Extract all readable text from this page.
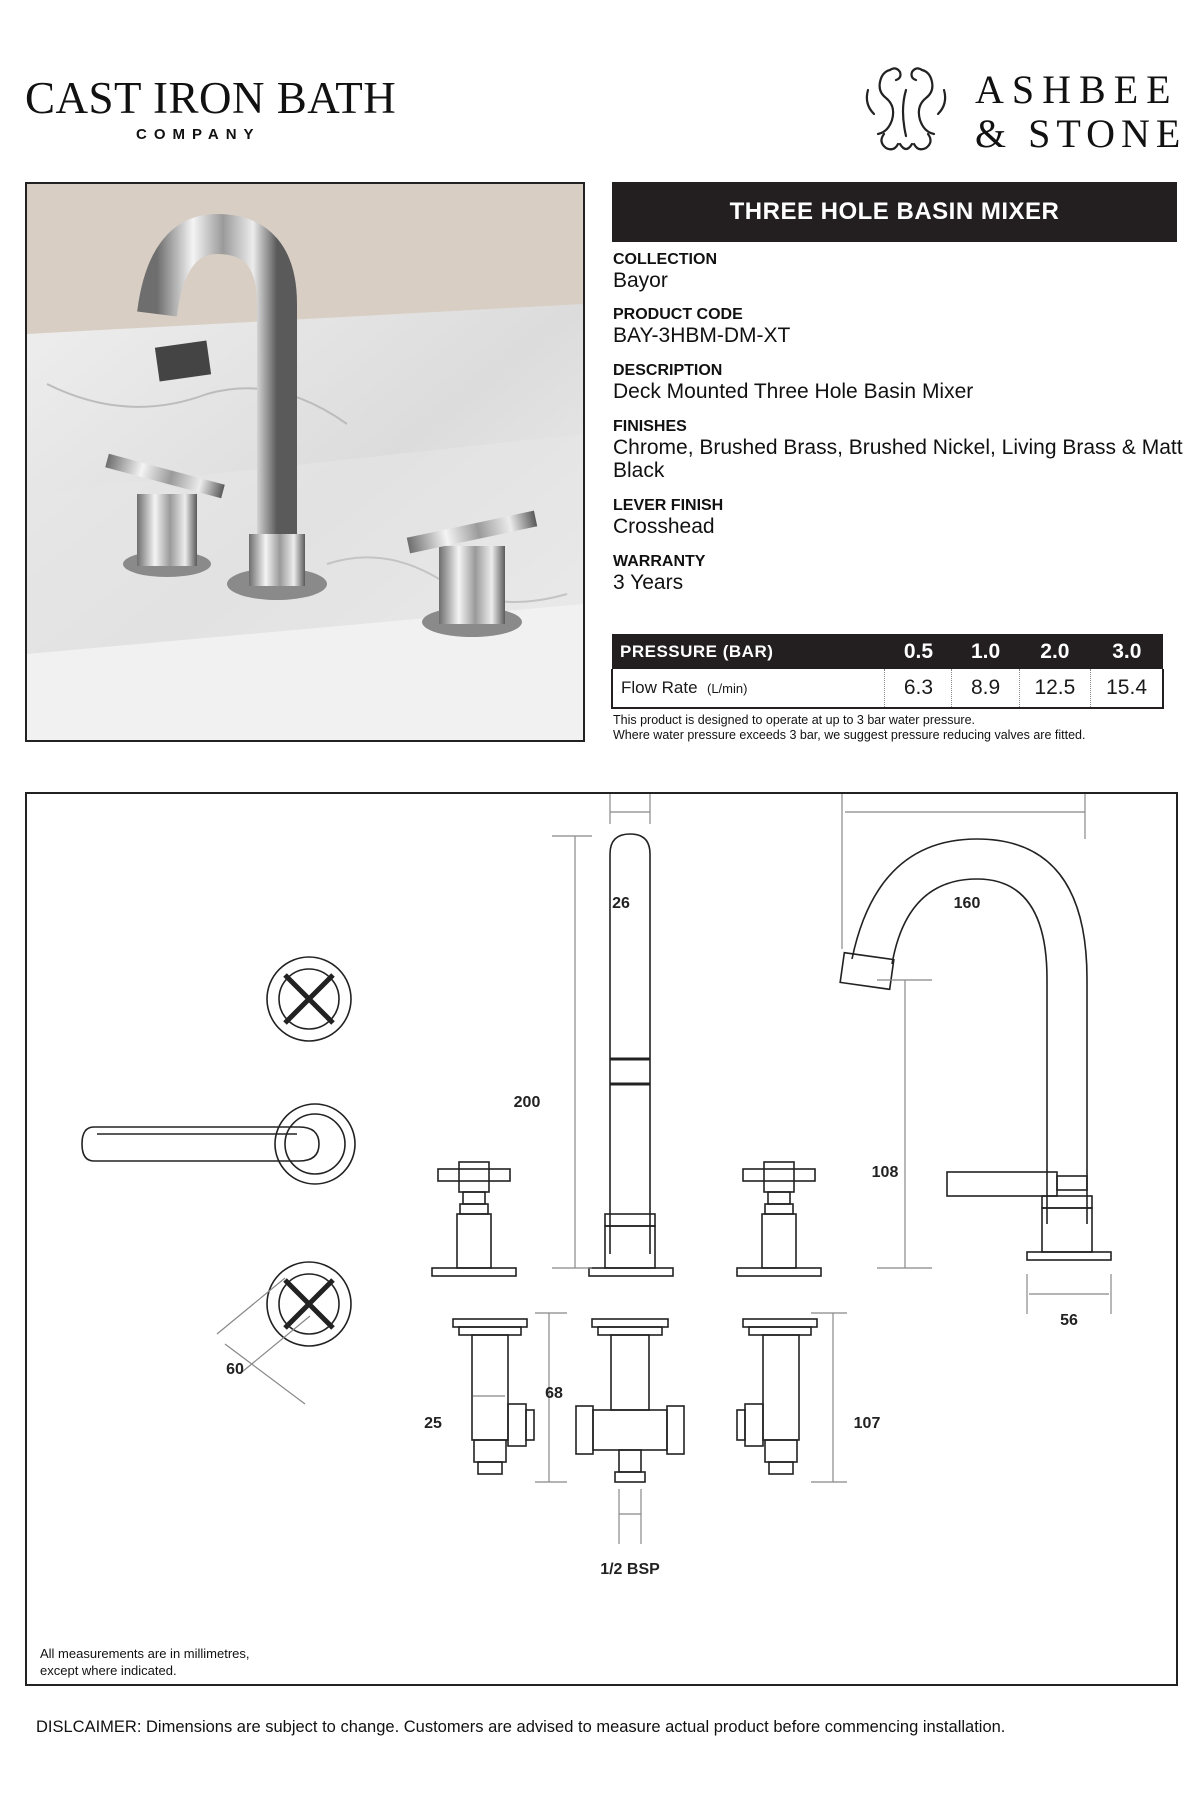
CAST IRON BATH
COMPANY
ASHBEE
& STONE
THREE HOLE BASIN MIXER
COLLECTION
Bayor
PRODUCT CODE
BAY-3HBM-DM-XT
DESCRIPTION
Deck Mounted Three Hole Basin Mixer
FINISHES
Chrome, Brushed Brass, Brushed Nickel, Living Brass & Matt Black
LEVER FINISH
Crosshead
WARRANTY
3 Years
PRESSURE (BAR)	0.5	1.0	2.0	3.0
Flow Rate (L/min)	6.3	8.9	12.5	15.4
This product is designed to operate at up to 3 bar water pressure.
Where water pressure exceeds 3 bar, we suggest pressure reducing valves are fitted.
26
200
160
108
56
60
68
25	107
1/2 BSP
All measurements are in millimetres,
except where indicated.
DISLCAIMER: Dimensions are subject to change. Customers are advised to measure actual product before commencing installation.
